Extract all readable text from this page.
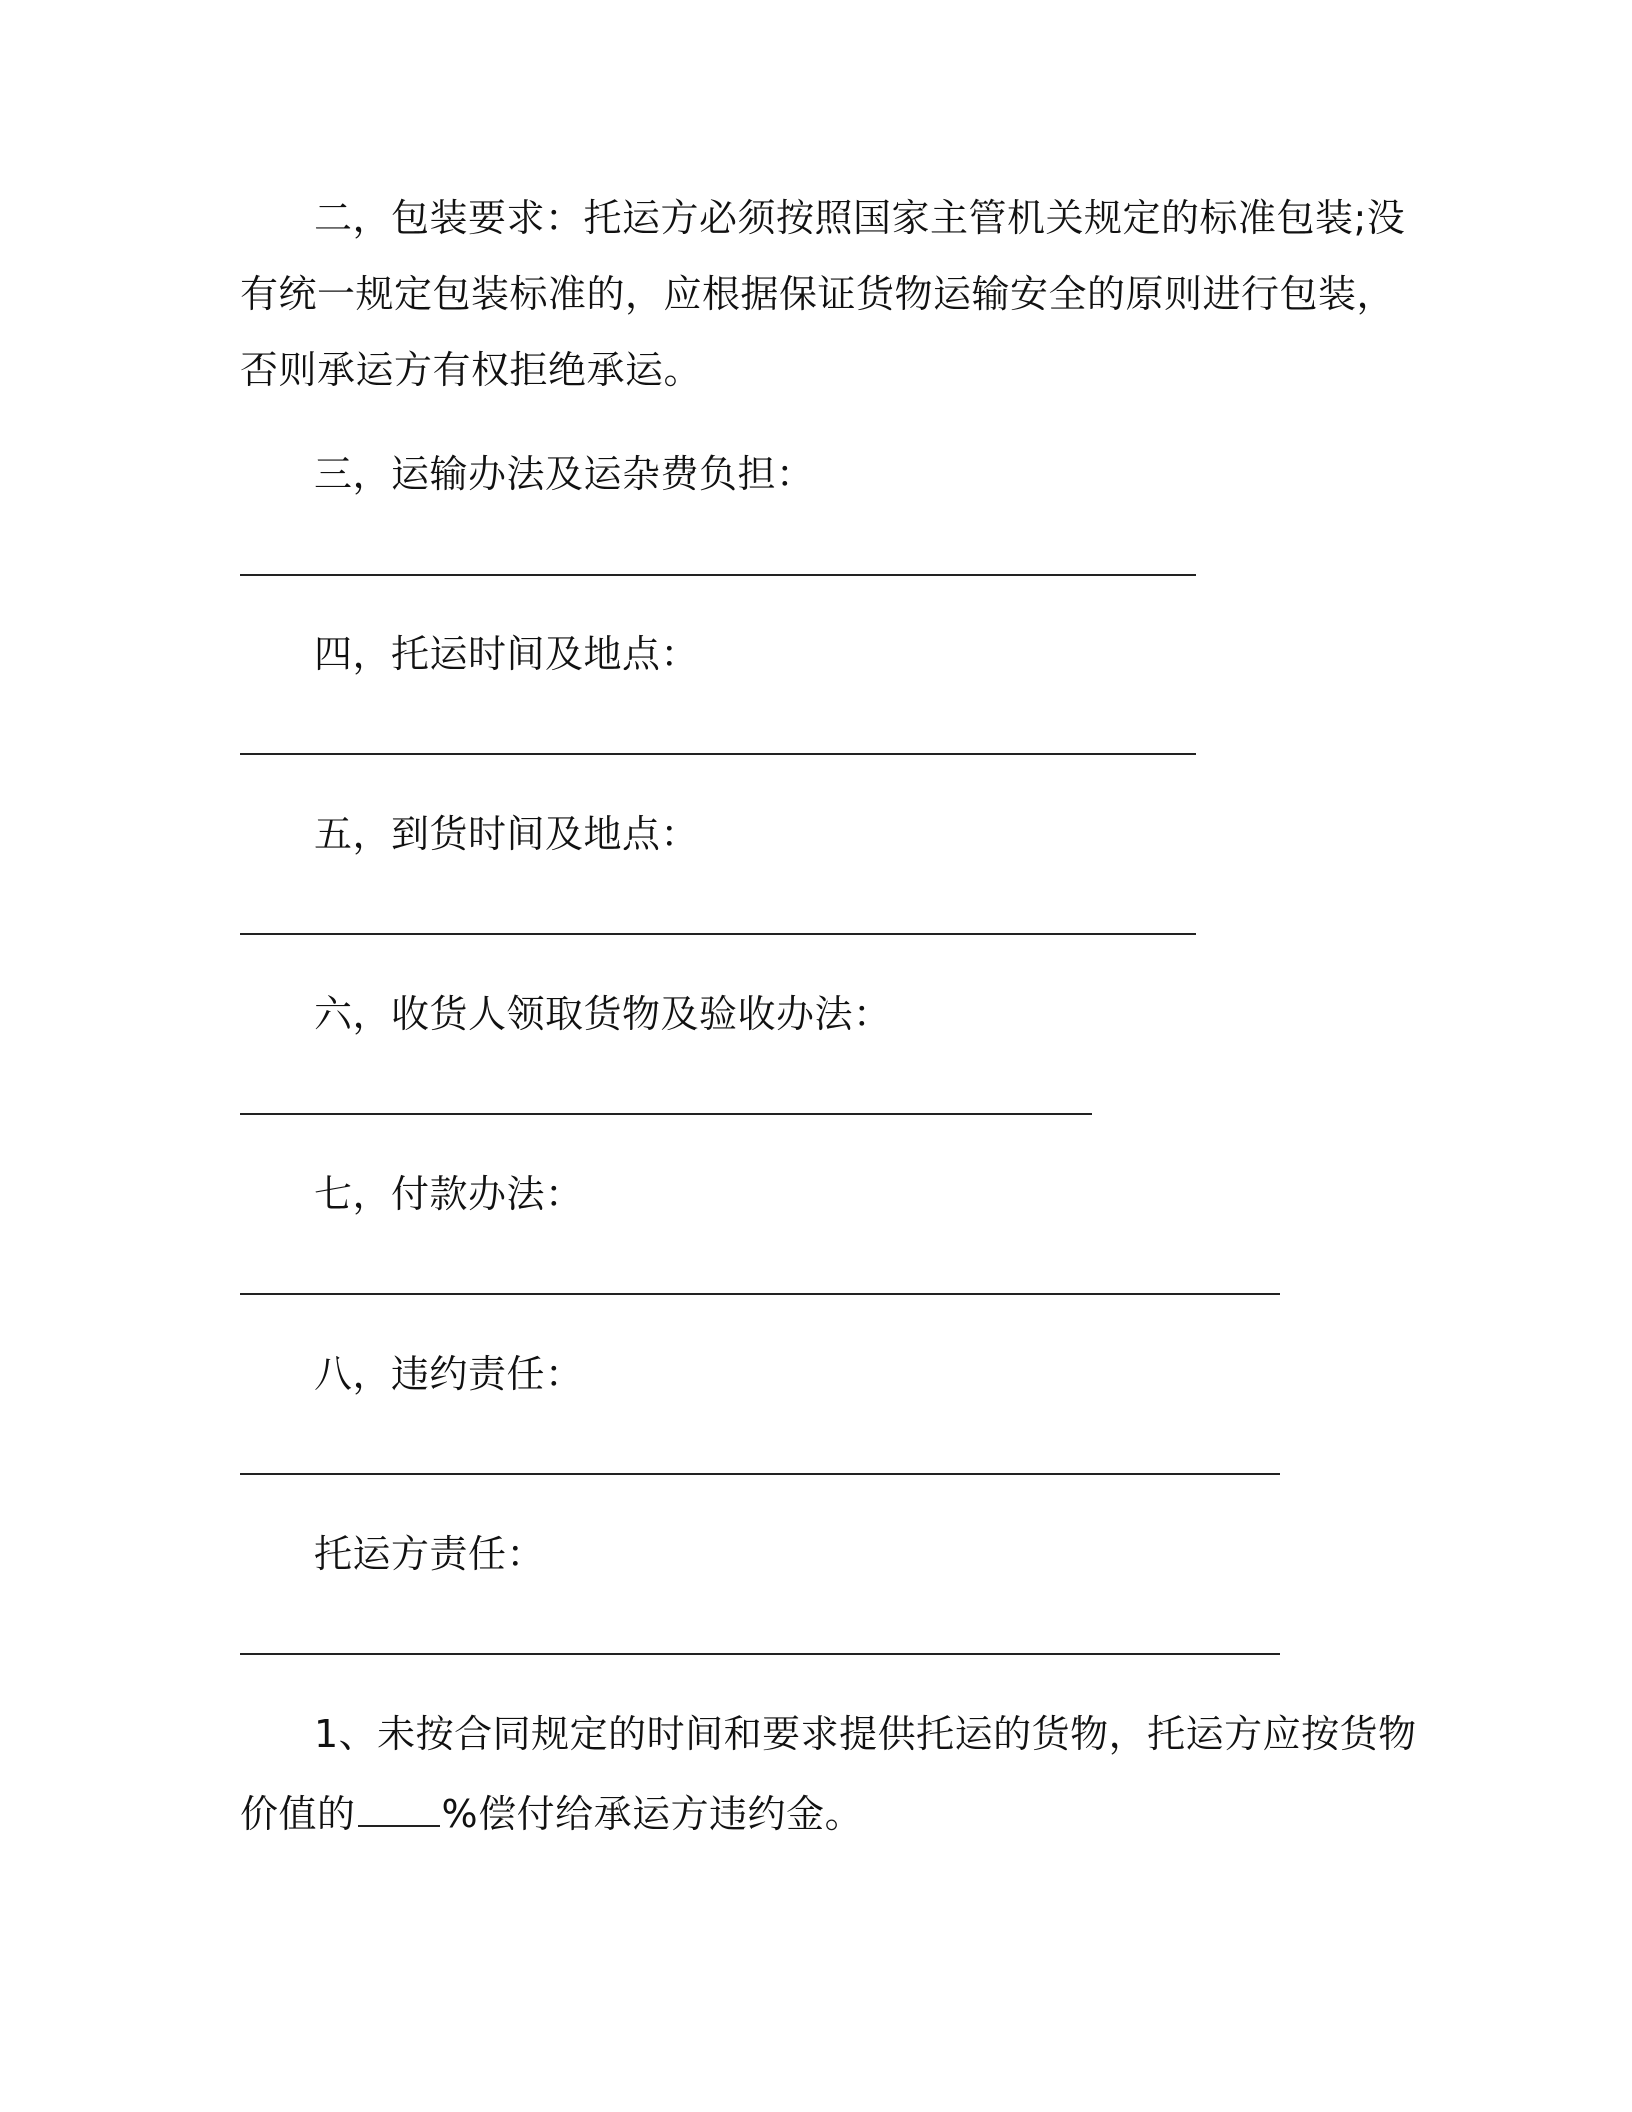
二，包装要求：托运方必须按照国家主管机关规定的标准包装;没
有统一规定包装标准的，应根据保证货物运输安全的原则进行包装，
否则承运方有权拒绝承运。
三，运输办法及运杂费负担：
四，托运时间及地点：
五，到货时间及地点：
六，收货人领取货物及验收办法：
七，付款办法：
八，违约责任：
托运方责任：
1、未按合同规定的时间和要求提供托运的货物，托运方应按货物
价值的 %偿付给承运方违约金。
